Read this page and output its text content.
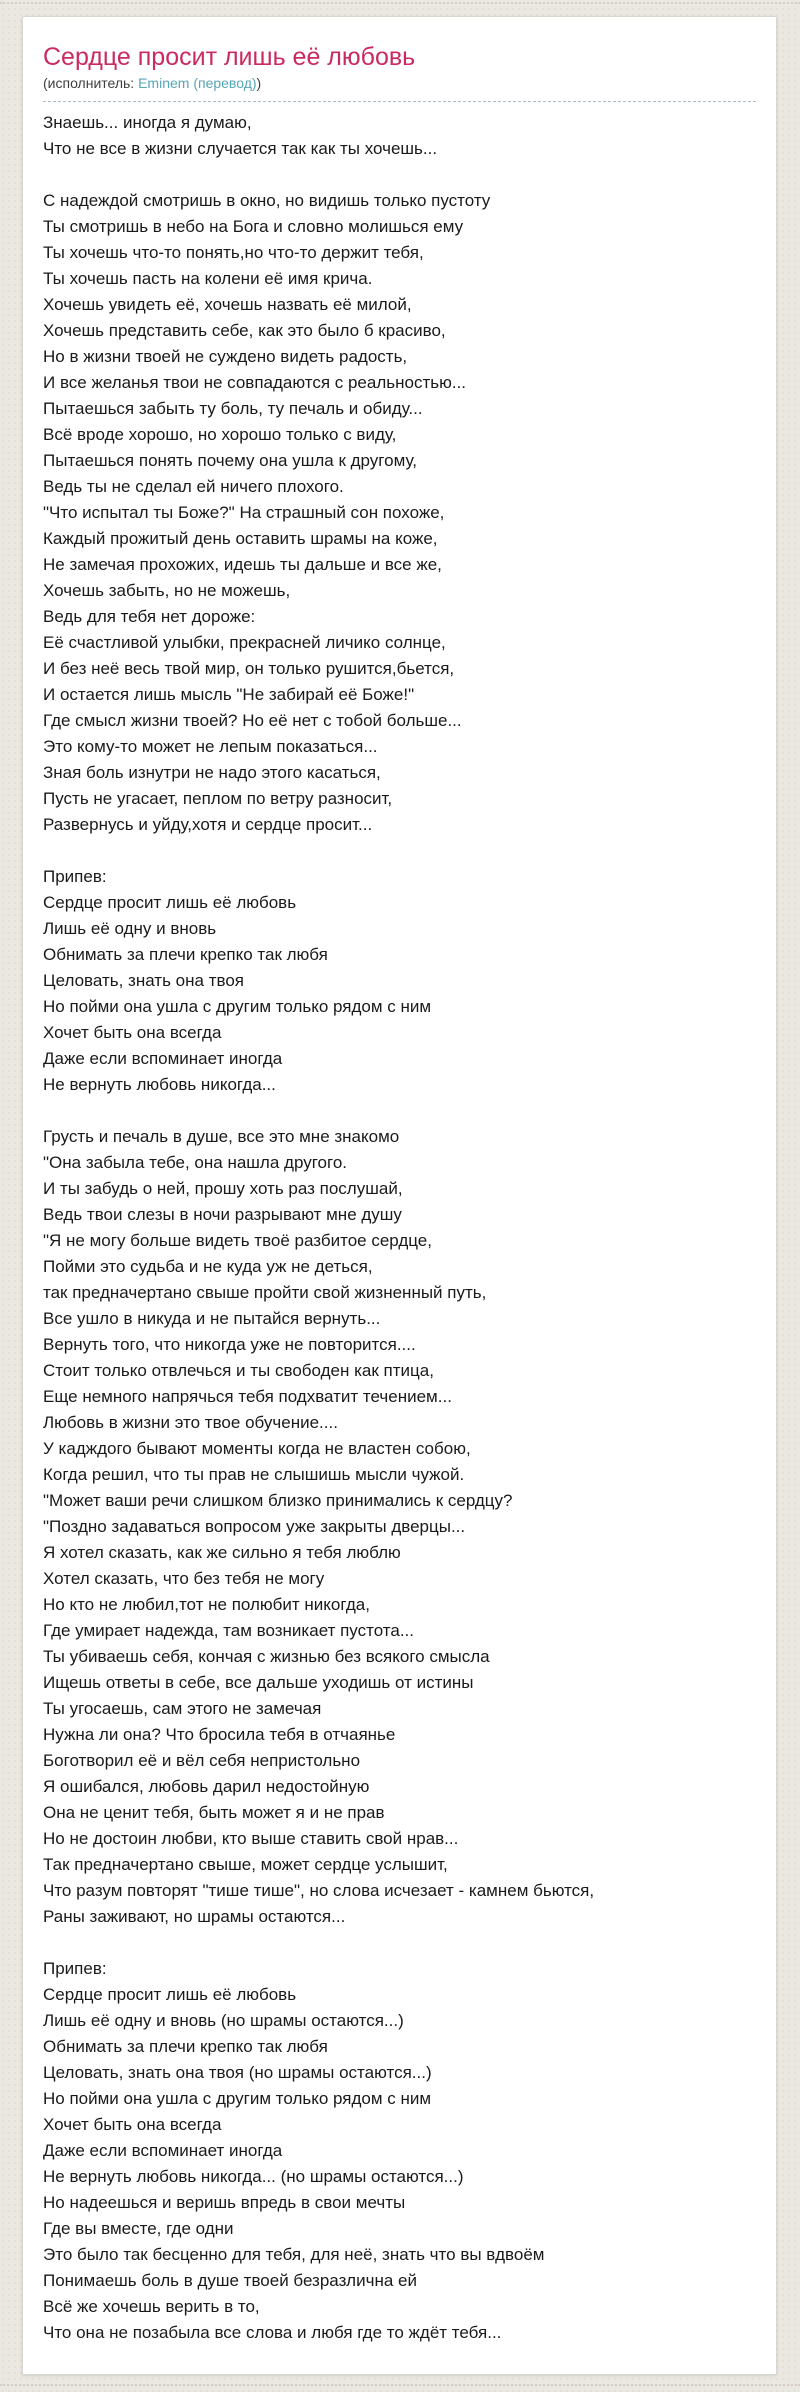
Сердце просит лишь её любовь
(исполнитель: Eminem (перевод))
Знаешь... иногда я думаю,
Что не все в жизни случается так как ты хочешь...

С надеждой смотришь в окно, но видишь только пустоту
Ты смотришь в небо на Бога и словно молишься ему
Ты хочешь что-то понять,но что-то держит тебя,
Ты хочешь пасть на колени её имя крича.
Хочешь увидеть её, хочешь назвать её милой,
Хочешь представить себе, как это было б красиво,
Но в жизни твоей не суждено видеть радость,
И все желанья твои не совпадаются с реальностью...
Пытаешься забыть ту боль, ту печаль и обиду...
Всё вроде хорошо, но хорошо только с виду,
Пытаешься понять почему она ушла к другому,
Ведь ты не сделал ей ничего плохого.
"Что испытал ты Боже?" На страшный сон похоже,
Каждый прожитый день оставить шрамы на коже,
Не замечая прохожих, идешь ты дальше и все же,
Хочешь забыть, но не можешь,
Ведь для тебя нет дороже:
Её счастливой улыбки, прекрасней личико солнце,
И без неё весь твой мир, он только рушится,бьется,
И остается лишь мысль "Не забирай её Боже!"
Где смысл жизни твоей? Но её нет с тобой больше...
Это кому-то может не лепым показаться...
Зная боль изнутри не надо этого касаться,
Пусть не угасает, пеплом по ветру разносит,
Развернусь и уйду,хотя и сердце просит...

Припев:
Сердце просит лишь её любовь
Лишь её одну и вновь
Обнимать за плечи крепко так любя
Целовать, знать она твоя
Но пойми она ушла с другим только рядом с ним
Хочет быть она всегда
Даже если вспоминает иногда
Не вернуть любовь никогда...

Грусть и печаль в душе, все это мне знакомо
"Она забыла тебе, она нашла другого.
И ты забудь о ней, прошу хоть раз послушай,
Ведь твои слезы в ночи разрывают мне душу
"Я не могу больше видеть твоё разбитое сердце,
Пойми это судьба и не куда уж не деться,
так предначертано свыше пройти свой жизненный путь,
Все ушло в никуда и не пытайся вернуть...
Вернуть того, что никогда уже не повторится....
Стоит только отвлечься и ты свободен как птица,
Еще немного напрячься тебя подхватит течением...
Любовь в жизни это твое обучение....
У кадждого бывают моменты когда не властен собою,
Когда решил, что ты прав не слышишь мысли чужой.
"Может ваши речи слишком близко принимались к сердцу?
"Поздно задаваться вопросом уже закрыты дверцы...
Я хотел сказать, как же сильно я тебя люблю
Хотел сказать, что без тебя не могу
Но кто не любил,тот не полюбит никогда,
Где умирает надежда, там возникает пустота...
Ты убиваешь себя, кончая с жизнью без всякого смысла
Ищешь ответы в себе, все дальше уходишь от истины
Ты угосаешь, сам этого не замечая
Нужна ли она? Что бросила тебя в отчаянье
Боготворил её и вёл себя непристольно
Я ошибался, любовь дарил недостойную
Она не ценит тебя, быть может я и не прав
Но не достоин любви, кто выше ставить свой нрав...
Так предначертано свыше, может сердце услышит,
Что разум повторят "тише тише", но слова исчезает - камнем бьются,
Раны заживают, но шрамы остаются...

Припев:
Сердце просит лишь её любовь
Лишь её одну и вновь (но шрамы остаются...)
Обнимать за плечи крепко так любя
Целовать, знать она твоя (но шрамы остаются...)
Но пойми она ушла с другим только рядом с ним
Хочет быть она всегда
Даже если вспоминает иногда
Не вернуть любовь никогда... (но шрамы остаются...)
Но надеешься и веришь впредь в свои мечты
Где вы вместе, где одни
Это было так бесценно для тебя, для неё, знать что вы вдвоём
Понимаешь боль в душе твоей безразлична ей
Всё же хочешь верить в то,
Что она не позабыла все слова и любя где то ждёт тебя...
